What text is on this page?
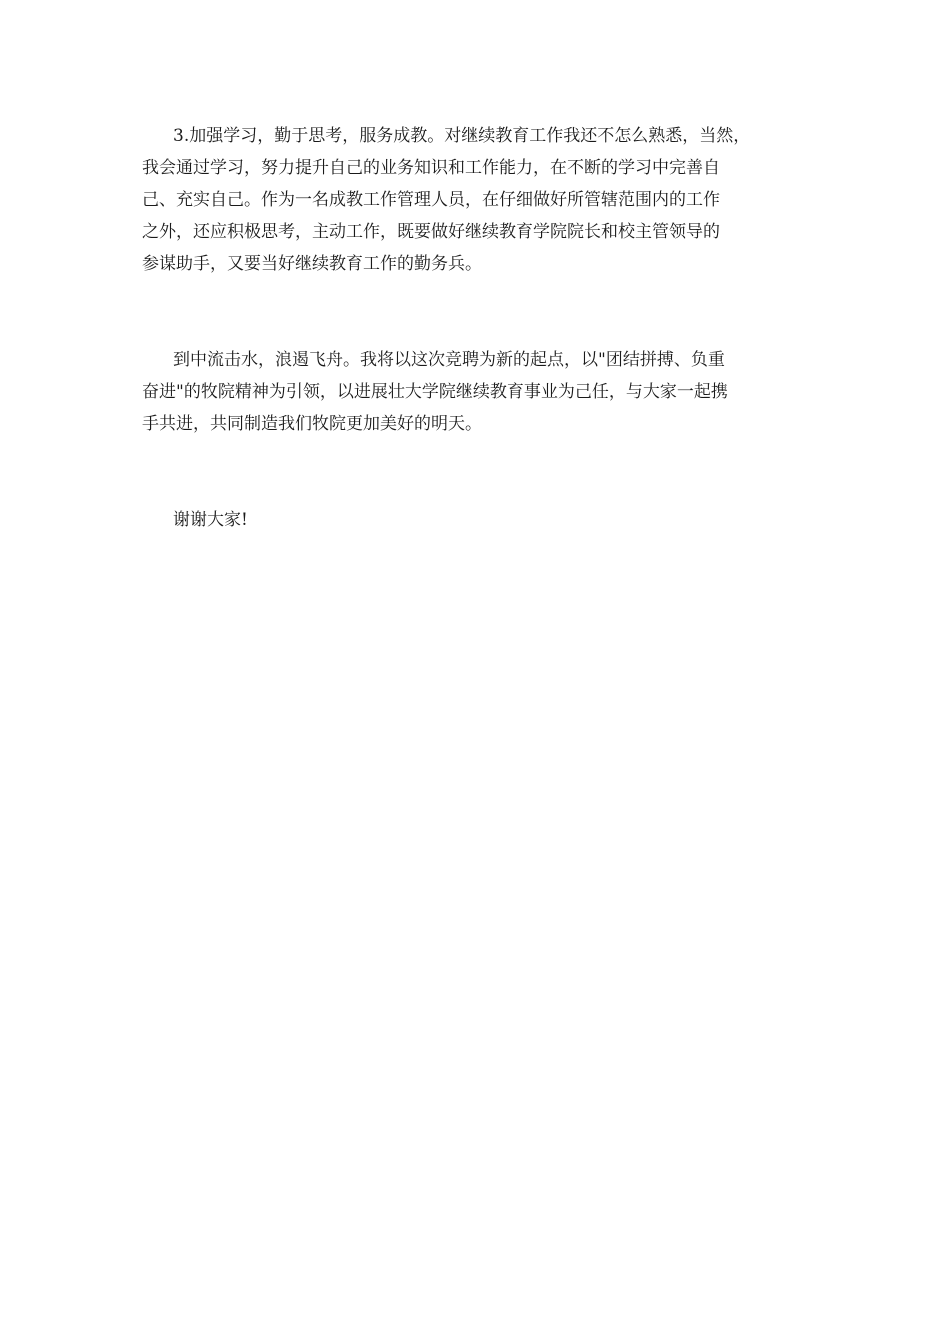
3.加强学习，勤于思考，服务成教。对继续教育工作我还不怎么熟悉，当然，
我会通过学习，努力提升自己的业务知识和工作能力，在不断的学习中完善自
己、充实自己。作为一名成教工作管理人员，在仔细做好所管辖范围内的工作
之外，还应积极思考，主动工作，既要做好继续教育学院院长和校主管领导的
参谋助手，又要当好继续教育工作的勤务兵。

到中流击水，浪遏飞舟。我将以这次竞聘为新的起点，以"团结拼搏、负重
奋进"的牧院精神为引领，以进展壮大学院继续教育事业为己任，与大家一起携
手共进，共同制造我们牧院更加美好的明天。

谢谢大家!
